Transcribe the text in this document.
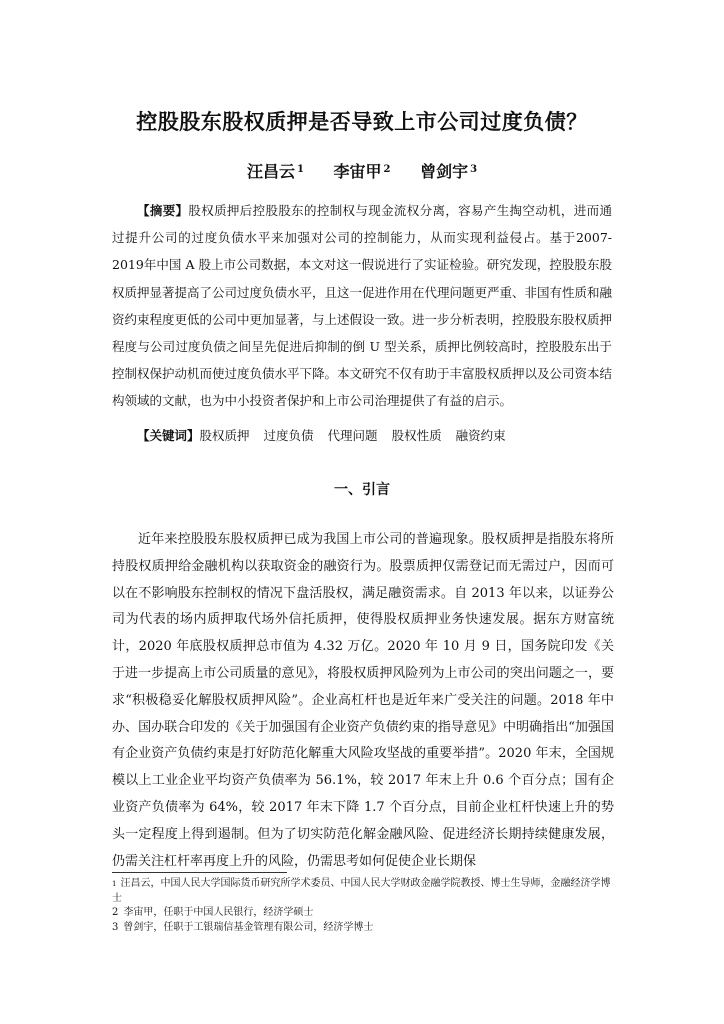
控股股东股权质押是否导致上市公司过度负债？
汪昌云 $^1$ 李宙甲 $^2$ 曾剑宇 $^3$

【摘要】股权质押后控股股东的控制权与现金流权分离，容易产生掏空动机，进而通过提升公司的过度负债水平来加强对公司的控制能力，从而实现利益侵占。基于2007-2019年中国 A 股上市公司数据，本文对这一假说进行了实证检验。研究发现，控股股东股权质押显著提高了公司过度负债水平，且这一促进作用在代理问题更严重、非国有性质和融资约束程度更低的公司中更加显著，与上述假设一致。进一步分析表明，控股股东股权质押程度与公司过度负债之间呈先促进后抑制的倒 U 型关系，质押比例较高时，控股股东出于控制权保护动机而使过度负债水平下降。本文研究不仅有助于丰富股权质押以及公司资本结构领域的文献，也为中小投资者保护和上市公司治理提供了有益的启示。

【关键词】股权质押 过度负债 代理问题 股权性质 融资约束

一、引言

近年来控股股东股权质押已成为我国上市公司的普遍现象。股权质押是指股东将所持股权质押给金融机构以获取资金的融资行为。股票质押仅需登记而无需过户，因而可以在不影响股东控制权的情况下盘活股权，满足融资需求。自 2013 年以来，以证券公司为代表的场内质押取代场外信托质押，使得股权质押业务快速发展。据东方财富统计，2020 年底股权质押总市值为 4.32 万亿。2020 年 10 月 9 日，国务院印发《关于进一步提高上市公司质量的意见》，将股权质押风险列为上市公司的突出问题之一，要求“积极稳妥化解股权质押风险”。企业高杠杆也是近年来广受关注的问题。2018 年中办、国办联合印发的《关于加强国有企业资产负债约束的指导意见》中明确指出“加强国有企业资产负债约束是打好防范化解重大风险攻坚战的重要举措”。2020 年末，全国规模以上工业企业平均资产负债率为 56.1%，较 2017 年末上升 0.6 个百分点；国有企业资产负债率为 64%，较 2017 年末下降 1.7 个百分点，目前企业杠杆快速上升的势头一定程度上得到遏制。但为了切实防范化解金融风险、促进经济长期持续健康发展，仍需关注杠杆率再度上升的风险，仍需思考如何促使企业长期保

$^1$ 汪昌云，中国人民大学国际货币研究所学术委员、中国人民大学财政金融学院教授、博士生导师，金融经济学博士

2 李宙甲，任职于中国人民银行，经济学硕士

3 曾剑宇，任职于工银瑞信基金管理有限公司，经济学博士
